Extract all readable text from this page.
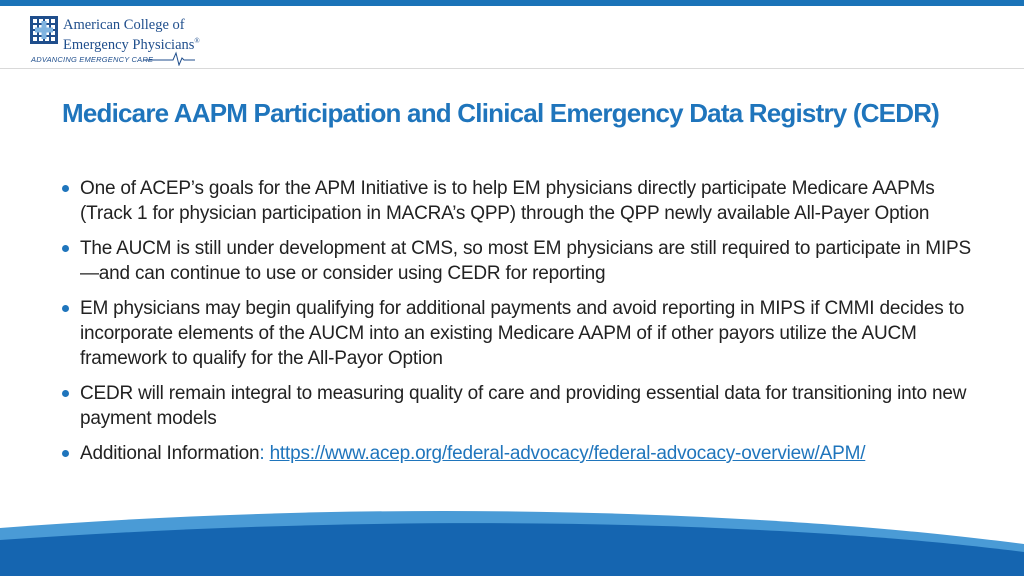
American College of
Emergency Physicians®
ADVANCING EMERGENCY CARE
Medicare AAPM Participation and Clinical Emergency Data Registry (CEDR)
One of ACEP’s goals for the APM Initiative is to help EM physicians directly participate Medicare AAPMs (Track 1 for physician participation in MACRA’s QPP) through the QPP newly available All-Payer Option
The AUCM is still under development at CMS, so most EM physicians are still required to participate in MIPS—and can continue to use or consider using CEDR for reporting
EM physicians may begin qualifying for additional payments and avoid reporting in MIPS if CMMI decides to incorporate elements of the AUCM into an existing Medicare AAPM of if other payors utilize the AUCM framework to qualify for the All-Payor Option
CEDR will remain integral to measuring quality of care and providing essential data for transitioning into new payment models
Additional Information: https://www.acep.org/federal-advocacy/federal-advocacy-overview/APM/
